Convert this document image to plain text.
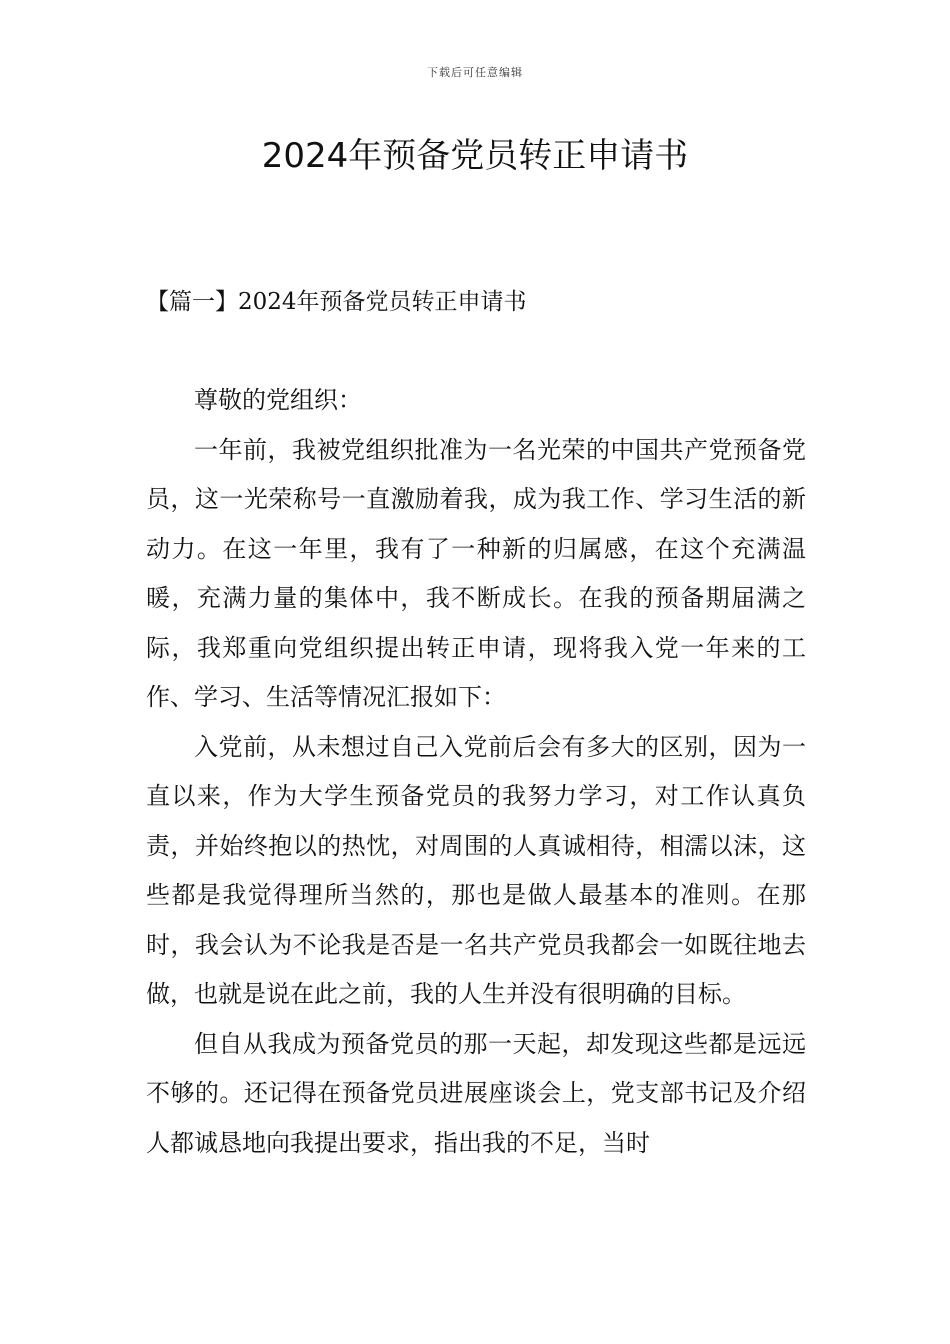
下载后可任意编辑
2024年预备党员转正申请书
【篇一】2024年预备党员转正申请书

尊敬的党组织：

一年前，我被党组织批准为一名光荣的中国共产党预备党员，这一光荣称号一直激励着我，成为我工作、学习生活的新动力。在这一年里，我有了一种新的归属感，在这个充满温暖，充满力量的集体中，我不断成长。在我的预备期届满之际，我郑重向党组织提出转正申请，现将我入党一年来的工作、学习、生活等情况汇报如下：

入党前，从未想过自己入党前后会有多大的区别，因为一直以来，作为大学生预备党员的我努力学习，对工作认真负责，并始终抱以的热忱，对周围的人真诚相待，相濡以沫，这些都是我觉得理所当然的，那也是做人最基本的准则。在那时，我会认为不论我是否是一名共产党员我都会一如既往地去做，也就是说在此之前，我的人生并没有很明确的目标。

但自从我成为预备党员的那一天起，却发现这些都是远远不够的。还记得在预备党员进展座谈会上，党支部书记及介绍人都诚恳地向我提出要求，指出我的不足，当时
